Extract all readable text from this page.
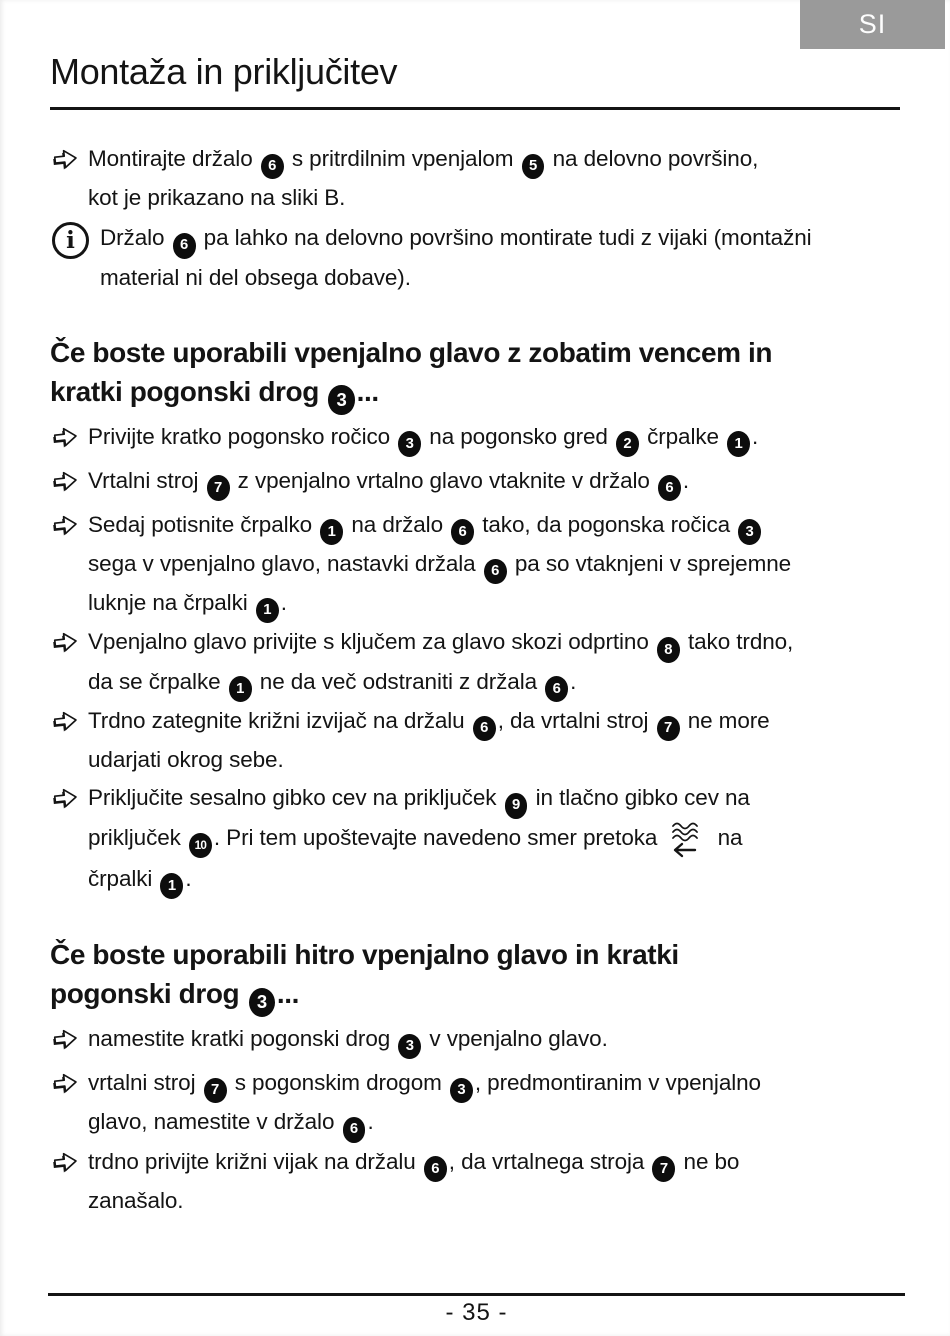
SI
Montaža in priključitev
Montirajte držalo 6 s pritrdilnim vpenjalom 5 na delovno površino,
kot je prikazano na sliki B.
i	Držalo 6 pa lahko na delovno površino montirate tudi z vijaki (montažni
material ni del obsega dobave).
Če boste uporabili vpenjalno glavo z zobatim vencem in
kratki pogonski drog 3 ...
Privijte kratko pogonsko ročico 3 na pogonsko gred 2 črpalke 1 .
Vrtalni stroj 7 z vpenjalno vrtalno glavo vtaknite v držalo 6 .
Sedaj potisnite črpalko 1 na držalo 6 tako, da pogonska ročica 3

sega v vpenjalno glavo, nastavki držala 6 pa so vtaknjeni v sprejemne
luknje na črpalki 1 .
Vpenjalno glavo privijte s ključem za glavo skozi odprtino 8 tako trdno,
da se črpalke 1 ne da več odstraniti z držala 6 .
Trdno zategnite križni izvijač na držalu 6 , da vrtalni stroj 7 ne more
udarjati okrog sebe.
Priključite sesalno gibko cev na priključek 9 in tlačno gibko cev na
priključek 10 . Pri tem upoštevajte navedeno smer pretoka  na
črpalki 1 .
Če boste uporabili hitro vpenjalno glavo in kratki
pogonski drog 3 ...
namestite kratki pogonski drog 3 v vpenjalno glavo.
vrtalni stroj 7 s pogonskim drogom 3 , predmontiranim v vpenjalno
glavo, namestite v držalo 6 .
trdno privijte križni vijak na držalu 6 , da vrtalnega stroja 7 ne bo
zanašalo.
- 35 -
